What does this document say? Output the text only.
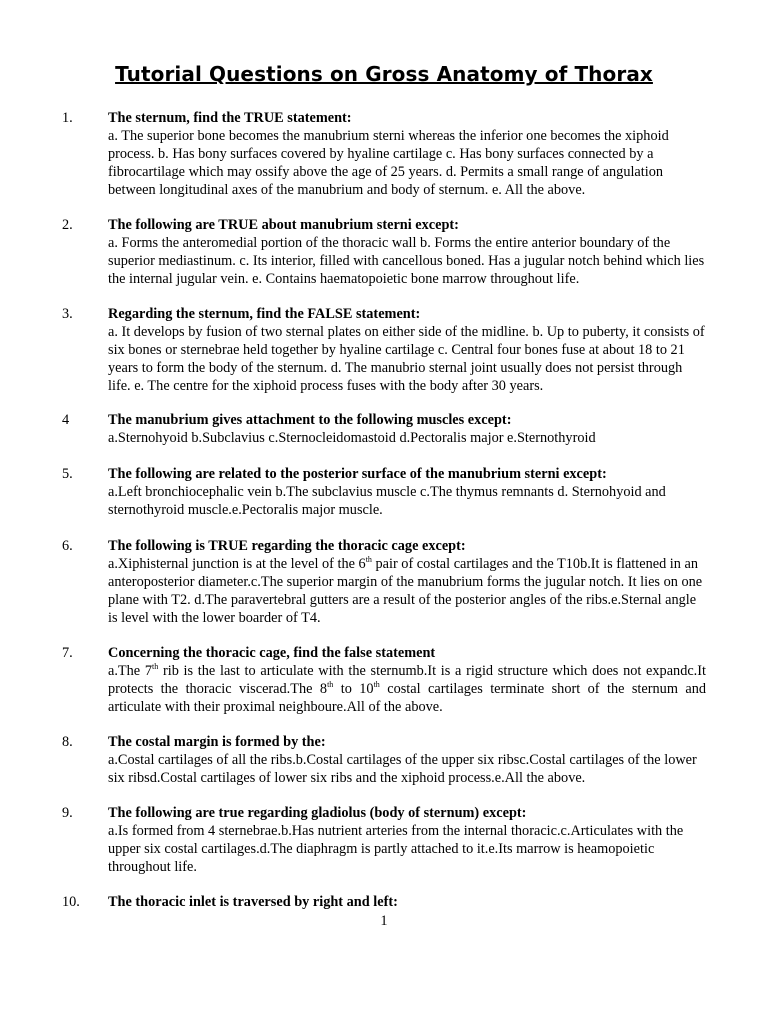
Tutorial Questions on Gross Anatomy of Thorax
1. The sternum, find the TRUE statement:
a. The superior bone becomes the manubrium sterni whereas the inferior one becomes the xiphoid process. b. Has bony surfaces covered by hyaline cartilage c. Has bony surfaces connected by a fibrocartilage which may ossify above the age of 25 years. d. Permits a small range of angulation between longitudinal axes of the manubrium and body of sternum. e. All the above.
2. The following are TRUE about manubrium sterni except:
a. Forms the anteromedial portion of the thoracic wall b. Forms the entire anterior boundary of the superior mediastinum. c. Its interior, filled with cancellous boned. Has a jugular notch behind which lies the internal jugular vein. e. Contains haematopoietic bone marrow throughout life.
3. Regarding the sternum, find the FALSE statement:
a. It develops by fusion of two sternal plates on either side of the midline. b. Up to puberty, it consists of six bones or sternebrae held together by hyaline cartilage c. Central four bones fuse at about 18 to 21 years to form the body of the sternum. d. The manubrio sternal joint usually does not persist through life. e. The centre for the xiphoid process fuses with the body after 30 years.
4	The manubrium gives attachment to the following muscles except:
a.Sternohyoid b.Subclavius c.Sternocleidomastoid d.Pectoralis major e.Sternothyroid
5. The following are related to the posterior surface of the manubrium sterni except:
a.Left bronchiocephalic vein b.The subclavius muscle c.The thymus remnants d. Sternohyoid and sternothyroid muscle.e.Pectoralis major muscle.
6. The following is TRUE regarding the thoracic cage except:
a.Xiphisternal junction is at the level of the 6th pair of costal cartilages and the T10b.It is flattened in an anteroposterior diameter.c.The superior margin of the manubrium forms the jugular notch. It lies on one plane with T2. d.The paravertebral gutters are a result of the posterior angles of the ribs.e.Sternal angle is level with the lower boarder of T4.
7. Concerning the thoracic cage, find the false statement
a.The 7th rib is the last to articulate with the sternumb.It is a rigid structure which does not expandc.It protects the thoracic viscerad.The 8th to 10th costal cartilages terminate short of the sternum and articulate with their proximal neighboure.All of the above.
8. The costal margin is formed by the:
a.Costal cartilages of all the ribs.b.Costal cartilages of the upper six ribsc.Costal cartilages of the lower six ribsd.Costal cartilages of lower six ribs and the xiphoid process.e.All the above.
9. The following are true regarding gladiolus (body of sternum) except:
a.Is formed from 4 sternebrae.b.Has nutrient arteries from the internal thoracic.c.Articulates with the upper six costal cartilages.d.The diaphragm is partly attached to it.e.Its marrow is heamopoietic throughout life.
10. The thoracic inlet is traversed by right and left:
1
